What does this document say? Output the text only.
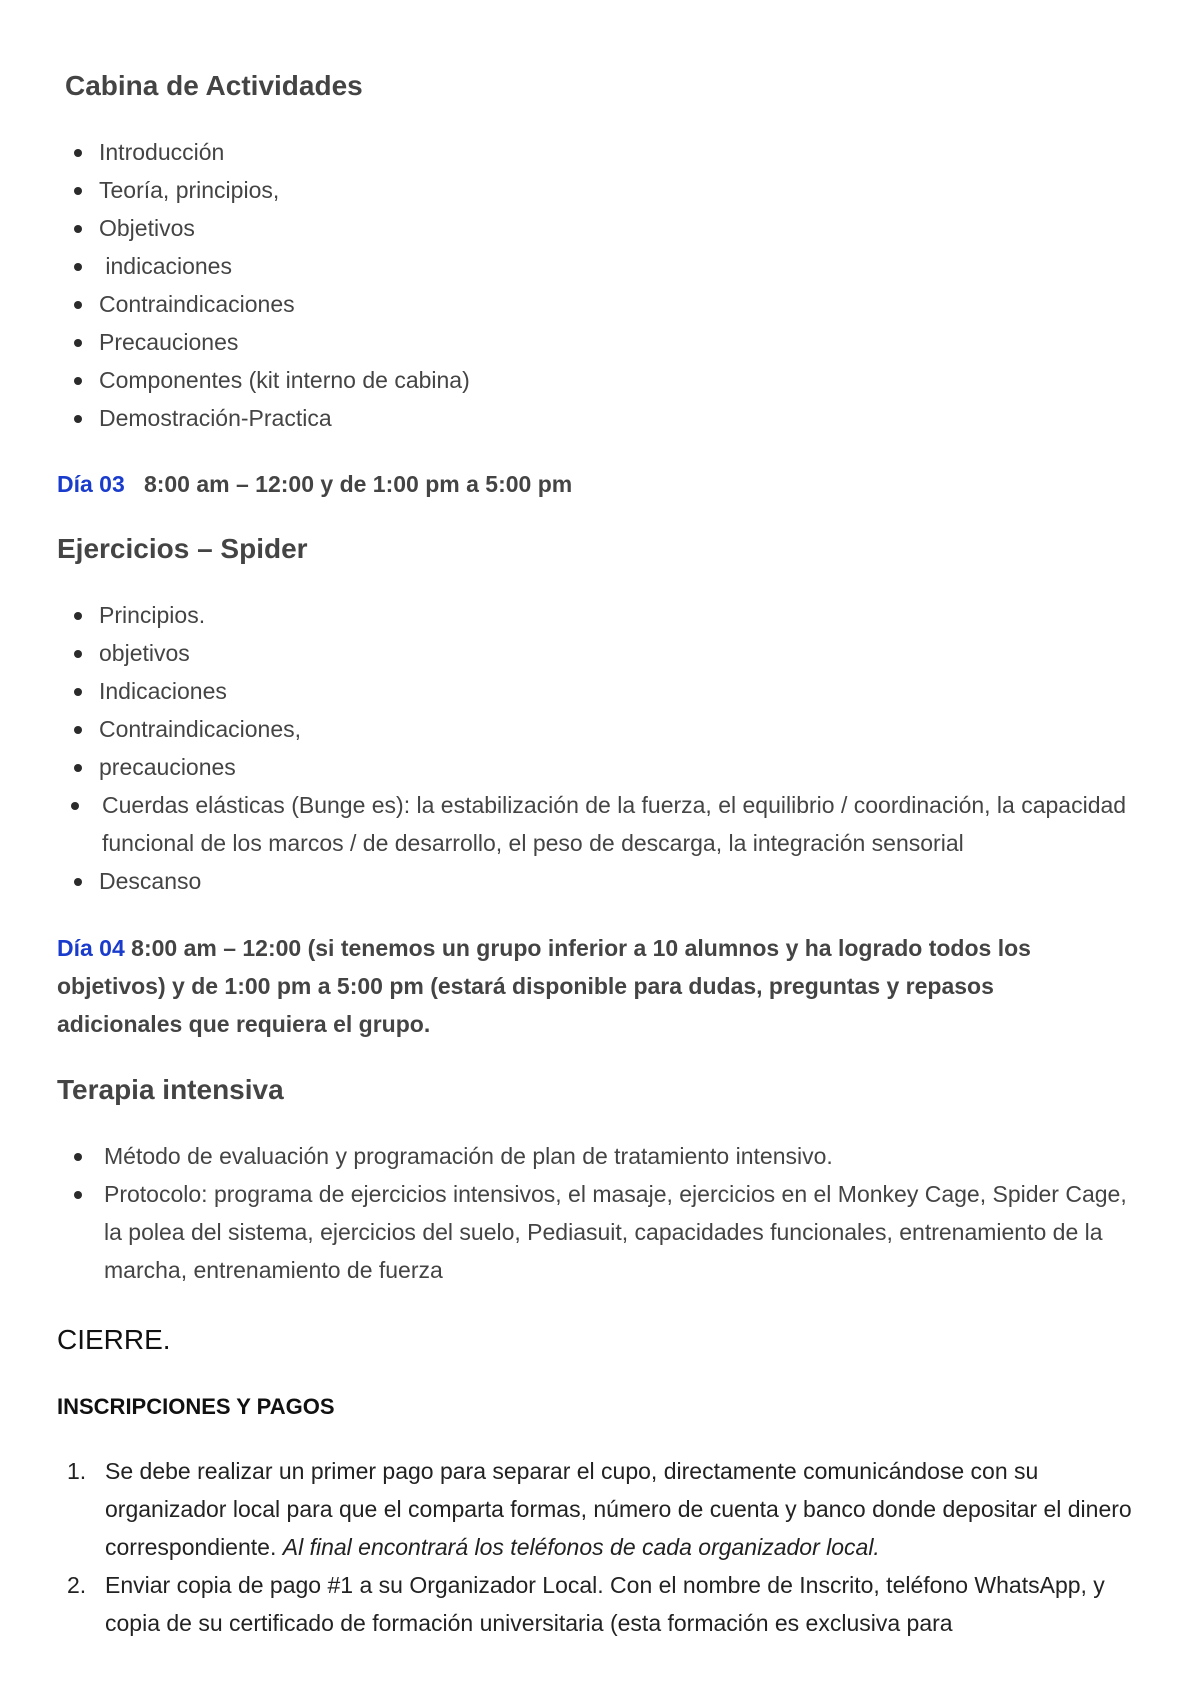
Cabina de Actividades
Introducción
Teoría, principios,
Objetivos
indicaciones
Contraindicaciones
Precauciones
Componentes (kit interno de cabina)
Demostración-Practica

Día 03 8:00 am – 12:00 y de 1:00 pm a 5:00 pm

Ejercicios – Spider
Principios.
objetivos
Indicaciones
Contraindicaciones,
precauciones
Cuerdas elásticas (Bunge es): la estabilización de la fuerza, el equilibrio / coordinación, la capacidad funcional de los marcos / de desarrollo, el peso de descarga, la integración sensorial
Descanso

Día 04 8:00 am – 12:00 (si tenemos un grupo inferior a 10 alumnos y ha logrado todos los objetivos) y de 1:00 pm a 5:00 pm (estará disponible para dudas, preguntas y repasos adicionales que requiera el grupo.

Terapia intensiva
Método de evaluación y programación de plan de tratamiento intensivo.
Protocolo: programa de ejercicios intensivos, el masaje, ejercicios en el Monkey Cage, Spider Cage, la polea del sistema, ejercicios del suelo, Pediasuit, capacidades funcionales, entrenamiento de la marcha, entrenamiento de fuerza
CIERRE.
INSCRIPCIONES Y PAGOS
1. Se debe realizar un primer pago para separar el cupo, directamente comunicándose con su organizador local para que el comparta formas, número de cuenta y banco donde depositar el dinero correspondiente. Al final encontrará los teléfonos de cada organizador local.
2. Enviar copia de pago #1 a su Organizador Local. Con el nombre de Inscrito, teléfono WhatsApp, y copia de su certificado de formación universitaria (esta formación es exclusiva para
